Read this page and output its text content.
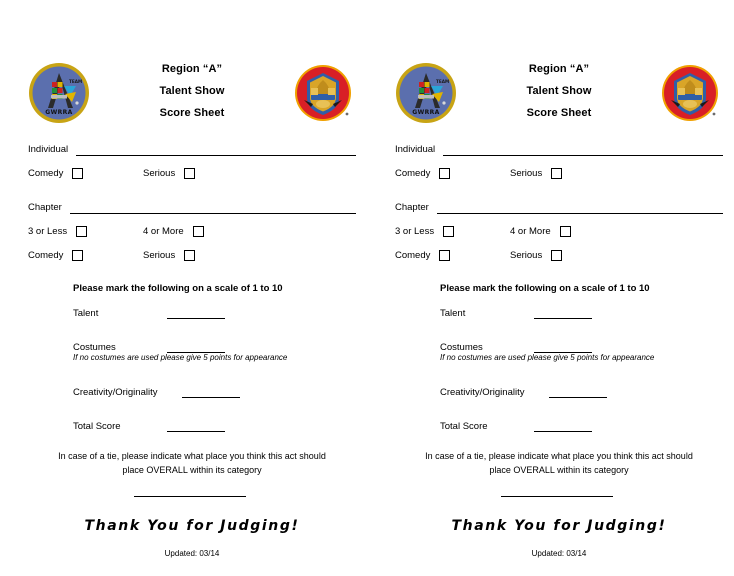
TEAM
GWRRA
Region “A”
Talent Show
Score Sheet
Individual
Comedy	Serious
Chapter
3 or Less	4 or More
Comedy	Serious
Please mark the following on a scale of 1 to 10
Talent
Costumes
If no costumes are used please give 5 points for appearance
Creativity/Originality
Total Score
In case of a tie, please indicate what place you think this act should
place OVERALL within its category
Thank You for Judging!
Updated: 03/14
TEAM
GWRRA
Region “A”
Talent Show
Score Sheet
Individual
Comedy	Serious
Chapter
3 or Less	4 or More
Comedy	Serious
Please mark the following on a scale of 1 to 10
Talent
Costumes
If no costumes are used please give 5 points for appearance
Creativity/Originality
Total Score
In case of a tie, please indicate what place you think this act should
place OVERALL within its category
Thank You for Judging!
Updated: 03/14
